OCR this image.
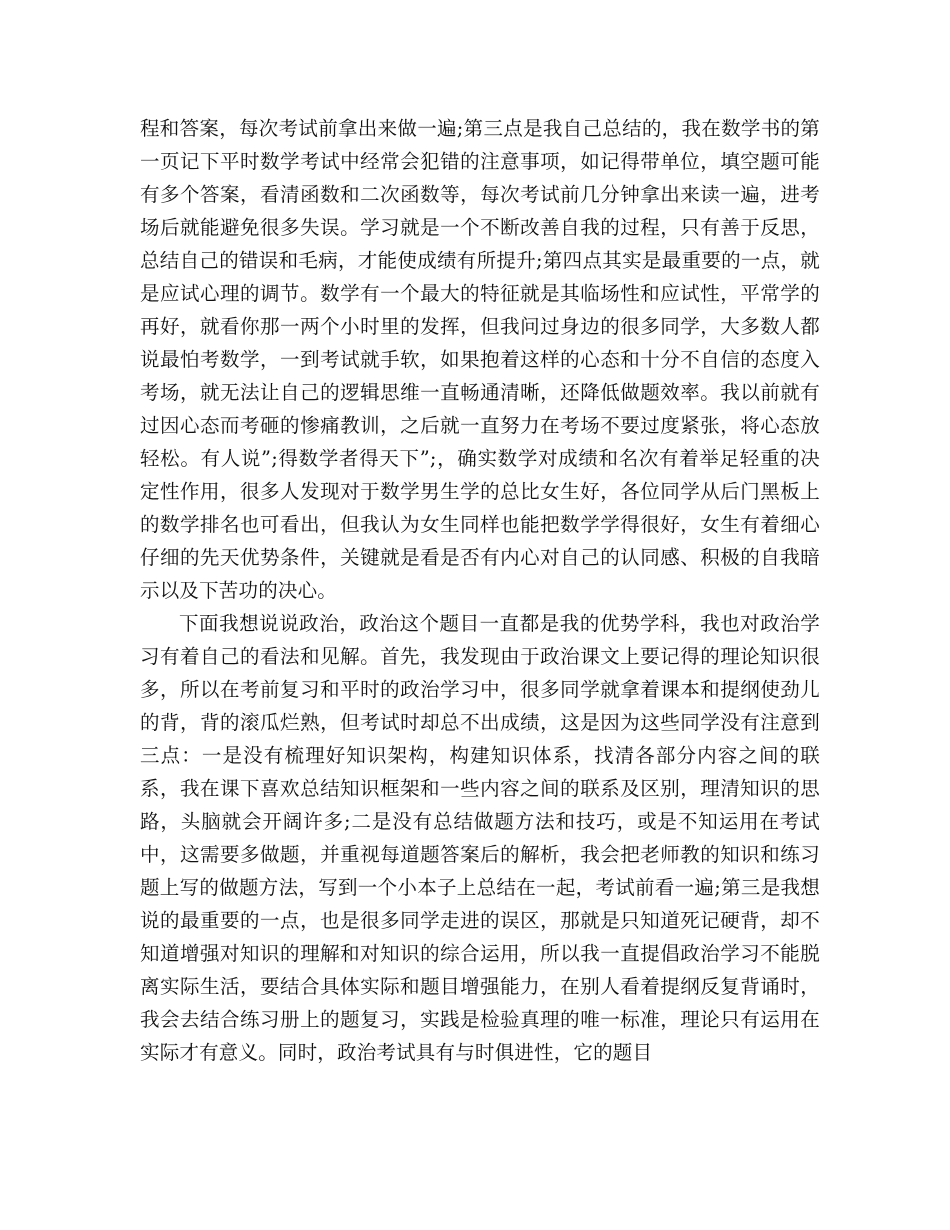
程和答案，每次考试前拿出来做一遍;第三点是我自己总结的，我在数学书的第一页记下平时数学考试中经常会犯错的注意事项，如记得带单位，填空题可能有多个答案，看清函数和二次函数等，每次考试前几分钟拿出来读一遍，进考场后就能避免很多失误。学习就是一个不断改善自我的过程，只有善于反思，总结自己的错误和毛病，才能使成绩有所提升;第四点其实是最重要的一点，就是应试心理的调节。数学有一个最大的特征就是其临场性和应试性，平常学的再好，就看你那一两个小时里的发挥，但我问过身边的很多同学，大多数人都说最怕考数学，一到考试就手软，如果抱着这样的心态和十分不自信的态度入考场，就无法让自己的逻辑思维一直畅通清晰，还降低做题效率。我以前就有过因心态而考砸的惨痛教训，之后就一直努力在考场不要过度紧张，将心态放轻松。有人说”;得数学者得天下”;，确实数学对成绩和名次有着举足轻重的决定性作用，很多人发现对于数学男生学的总比女生好，各位同学从后门黑板上的数学排名也可看出，但我认为女生同样也能把数学学得很好，女生有着细心仔细的先天优势条件，关键就是看是否有内心对自己的认同感、积极的自我暗示以及下苦功的决心。

下面我想说说政治，政治这个题目一直都是我的优势学科，我也对政治学习有着自己的看法和见解。首先，我发现由于政治课文上要记得的理论知识很多，所以在考前复习和平时的政治学习中，很多同学就拿着课本和提纲使劲儿的背，背的滚瓜烂熟，但考试时却总不出成绩，这是因为这些同学没有注意到三点：一是没有梳理好知识架构，构建知识体系，找清各部分内容之间的联系，我在课下喜欢总结知识框架和一些内容之间的联系及区别，理清知识的思路，头脑就会开阔许多;二是没有总结做题方法和技巧，或是不知运用在考试中，这需要多做题，并重视每道题答案后的解析，我会把老师教的知识和练习题上写的做题方法，写到一个小本子上总结在一起，考试前看一遍;第三是我想说的最重要的一点，也是很多同学走进的误区，那就是只知道死记硬背，却不知道增强对知识的理解和对知识的综合运用，所以我一直提倡政治学习不能脱离实际生活，要结合具体实际和题目增强能力，在别人看着提纲反复背诵时，我会去结合练习册上的题复习，实践是检验真理的唯一标准，理论只有运用在实际才有意义。同时，政治考试具有与时俱进性，它的题目
